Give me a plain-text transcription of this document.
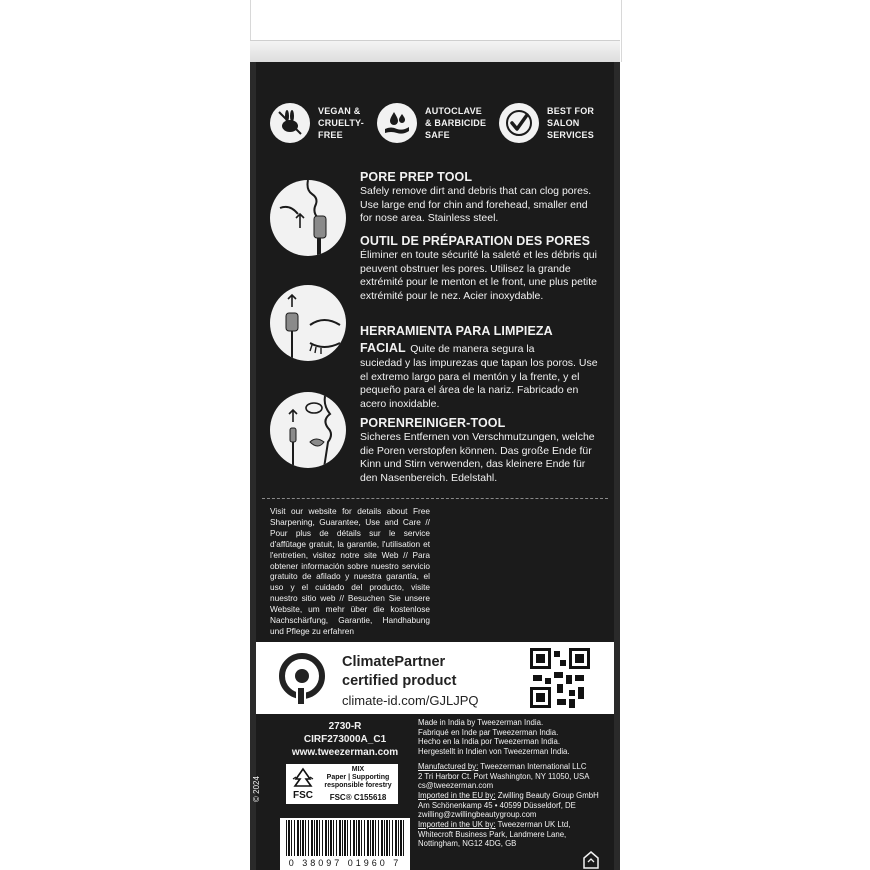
VEGAN &
CRUELTY-
FREE
AUTOCLAVE
& BARBICIDE
SAFE
BEST FOR
SALON
SERVICES
PORE PREP TOOL

Safely remove dirt and debris that can clog pores. Use large end for chin and forehead, smaller end for nose area. Stainless steel.

OUTIL DE PRÉPARATION DES PORES

Éliminer en toute sécurité la saleté et les débris qui peuvent obstruer les pores. Utilisez la grande extrémité pour le menton et le front, une plus petite extrémité pour le nez. Acier inoxydable.

HERRAMIENTA PARA LIMPIEZA
FACIAL Quite de manera segura la

suciedad y las impurezas que tapan los poros. Use el extremo largo para el mentón y la frente, y el pequeño para el área de la nariz. Fabricado en acero inoxidable.

PORENREINIGER-TOOL

Sicheres Entfernen von Verschmutzungen, welche die Poren verstopfen können. Das große Ende für Kinn und Stirn verwenden, das kleinere Ende für den Nasenbereich. Edelstahl.

Visit our website for details about Free Sharpening, Guarantee, Use and Care // Pour plus de détails sur le service d'affûtage gratuit, la garantie, l'utilisation et l'entretien, visitez notre site Web // Para obtener información sobre nuestro servicio gratuito de afilado y nuestra garantía, el uso y el cuidado del producto, visite nuestro sitio web // Besuchen Sie unsere Website, um mehr über die kostenlose Nachschärfung, Garantie, Handhabung und Pflege zu erfahren
ClimatePartner
certified product
climate-id.com/GJLJPQ
2730-R
CIRF273000A_C1
www.tweezerman.com
FSC
MIX
Paper | Supporting
responsible forestry
FSC® C155618
© 2024
Made in India by Tweezerman India.
Fabriqué en Inde par Tweezerman India.
Hecho en la India por Tweezerman India.
Hergestellt in Indien von Tweezerman India.
Manufactured by: Tweezerman International LLC
2 Tri Harbor Ct. Port Washington, NY 11050, USA
cs@tweezerman.com
Imported in the EU by: Zwilling Beauty Group GmbH
Am Schönenkamp 45 • 40599 Düsseldorf, DE
zwilling@zwillingbeautygroup.com
Imported in the UK by: Tweezerman UK Ltd,
Whitecroft Business Park, Landmere Lane,
Nottingham, NG12 4DG, GB
0 38097 01960 7
